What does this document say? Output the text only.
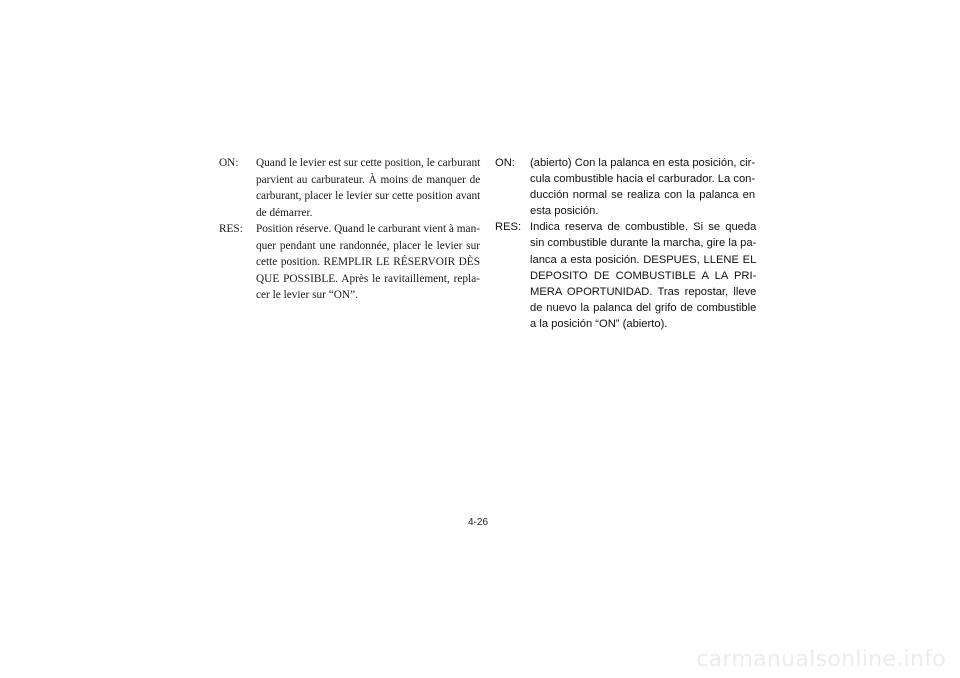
ON:	Quand le levier est sur cette position, le carburant
parvient au carburateur. À moins de manquer de
carburant, placer le levier sur cette position avant
de démarrer.
RES:	Position réserve. Quand le carburant vient à man-
quer pendant une randonnée, placer le levier sur
cette position. REMPLIR LE RÉSERVOIR DÈS
QUE POSSIBLE. Après le ravitaillement, repla-
cer le levier sur “ON”.
ON:	(abierto) Con la palanca en esta posición, cir-
cula combustible hacia el carburador. La con-
ducción normal se realiza con la palanca en
esta posición.
RES: Indica reserva de combustible. Si se queda
sin combustible durante la marcha, gire la pa-
lanca a esta posición. DESPUES, LLENE EL
DEPOSITO DE COMBUSTIBLE A LA PRI-
MERA OPORTUNIDAD. Tras repostar, lleve
de nuevo la palanca del grifo de combustible
a la posición “ON” (abierto).
4-26
carmanualsonline.info
